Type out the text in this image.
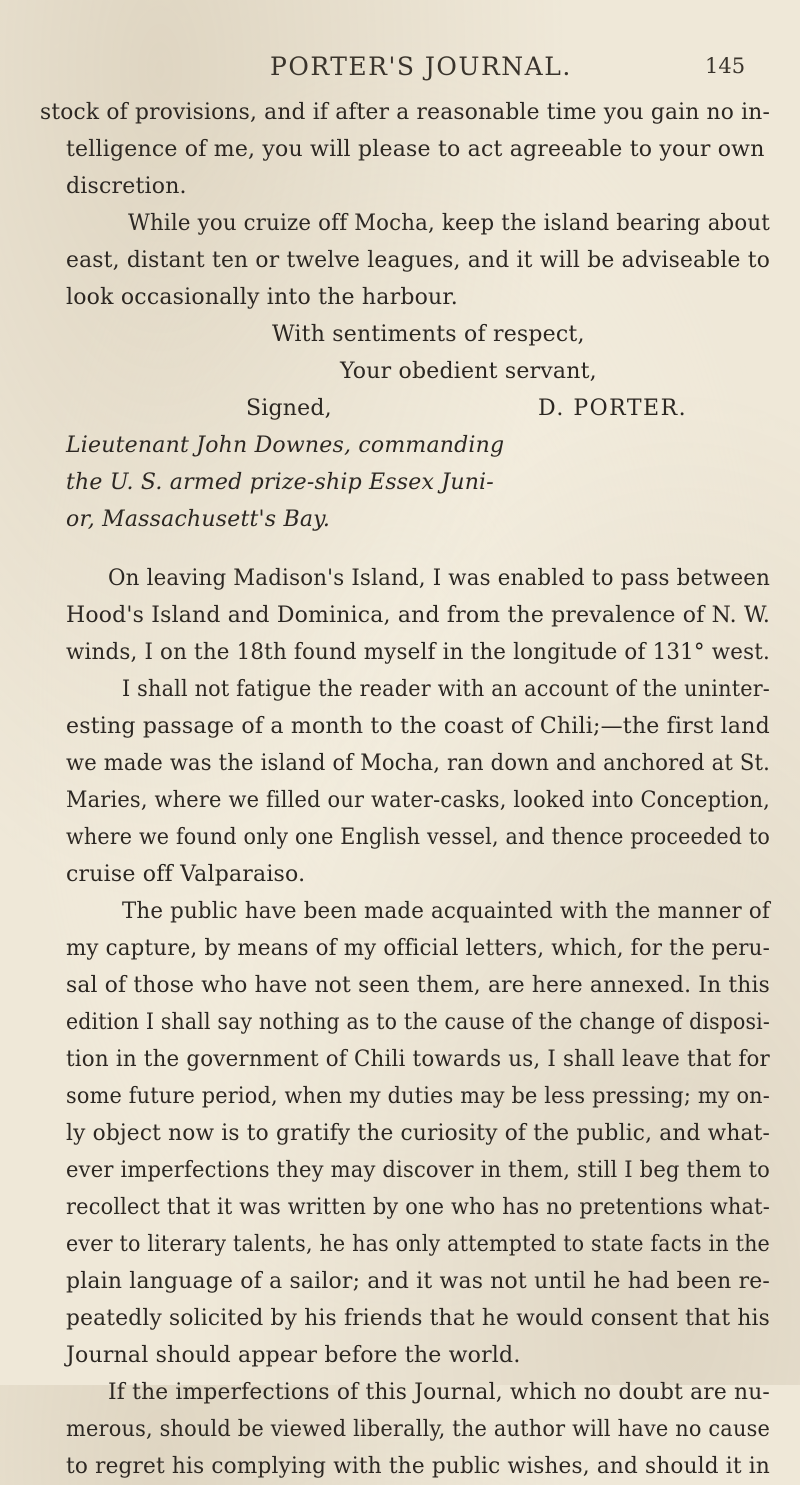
PORTER'S JOURNAL.	145
stock of provisions, and if after a reasonable time you gain no in-
telligence of me, you will please to act agreeable to your own
discretion.
While you cruize off Mocha, keep the island bearing about
east, distant ten or twelve leagues, and it will be adviseable to
look occasionally into the harbour.
With sentiments of respect,
Your obedient servant,
Signed,	D. PORTER.
Lieutenant John Downes, commanding
the U. S. armed prize-ship Essex Juni-
or, Massachusett's Bay.
On leaving Madison's Island, I was enabled to pass between
Hood's Island and Dominica, and from the prevalence of N. W.
winds, I on the 18th found myself in the longitude of 131° west.
I shall not fatigue the reader with an account of the uninter-
esting passage of a month to the coast of Chili;—the first land
we made was the island of Mocha, ran down and anchored at St.
Maries, where we filled our water-casks, looked into Conception,
where we found only one English vessel, and thence proceeded to
cruise off Valparaiso.
The public have been made acquainted with the manner of
my capture, by means of my official letters, which, for the peru-
sal of those who have not seen them, are here annexed. In this
edition I shall say nothing as to the cause of the change of disposi-
tion in the government of Chili towards us, I shall leave that for
some future period, when my duties may be less pressing; my on-
ly object now is to gratify the curiosity of the public, and what-
ever imperfections they may discover in them, still I beg them to
recollect that it was written by one who has no pretentions what-
ever to literary talents, he has only attempted to state facts in the
plain language of a sailor; and it was not until he had been re-
peatedly solicited by his friends that he would consent that his
Journal should appear before the world.
If the imperfections of this Journal, which no doubt are nu-
merous, should be viewed liberally, the author will have no cause
to regret his complying with the public wishes, and should it in
